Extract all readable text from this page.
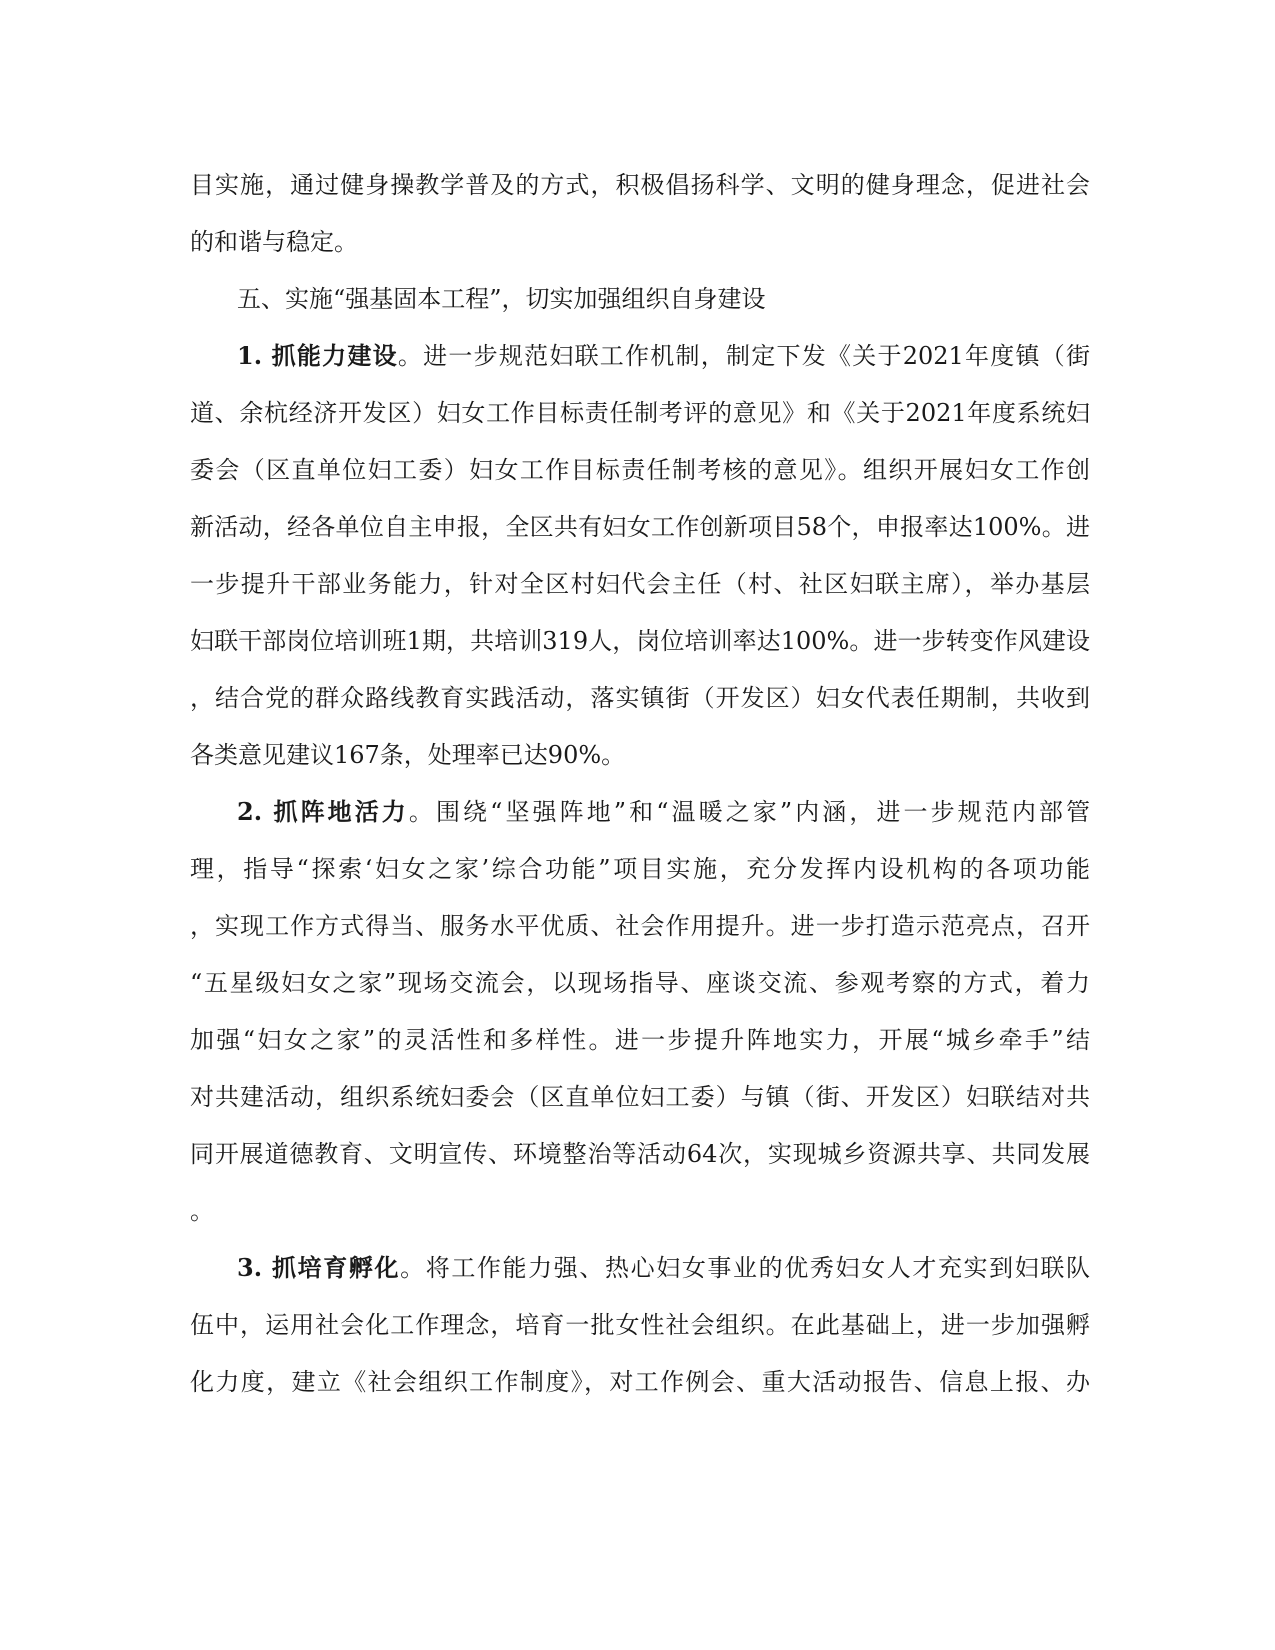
目实施，通过健身操教学普及的方式，积极倡扬科学、文明的健身理念，促进社会
的和谐与稳定。
五、实施“强基固本工程”，切实加强组织自身建设
1. 抓能力建设。进一步规范妇联工作机制，制定下发《关于2021年度镇（街
道、余杭经济开发区）妇女工作目标责任制考评的意见》和《关于2021年度系统妇
委会（区直单位妇工委）妇女工作目标责任制考核的意见》。组织开展妇女工作创
新活动，经各单位自主申报，全区共有妇女工作创新项目58个，申报率达100%。进
一步提升干部业务能力，针对全区村妇代会主任（村、社区妇联主席），举办基层
妇联干部岗位培训班1期，共培训319人，岗位培训率达100%。进一步转变作风建设
，结合党的群众路线教育实践活动，落实镇街（开发区）妇女代表任期制，共收到
各类意见建议167条，处理率已达90%。
2. 抓阵地活力。围绕“坚强阵地”和“温暖之家”内涵，进一步规范内部管
理，指导“探索‘妇女之家’综合功能”项目实施，充分发挥内设机构的各项功能
，实现工作方式得当、服务水平优质、社会作用提升。进一步打造示范亮点，召开
“五星级妇女之家”现场交流会，以现场指导、座谈交流、参观考察的方式，着力
加强“妇女之家”的灵活性和多样性。进一步提升阵地实力，开展“城乡牵手”结
对共建活动，组织系统妇委会（区直单位妇工委）与镇（街、开发区）妇联结对共
同开展道德教育、文明宣传、环境整治等活动64次，实现城乡资源共享、共同发展
。
3. 抓培育孵化。将工作能力强、热心妇女事业的优秀妇女人才充实到妇联队
伍中，运用社会化工作理念，培育一批女性社会组织。在此基础上，进一步加强孵
化力度，建立《社会组织工作制度》，对工作例会、重大活动报告、信息上报、办
